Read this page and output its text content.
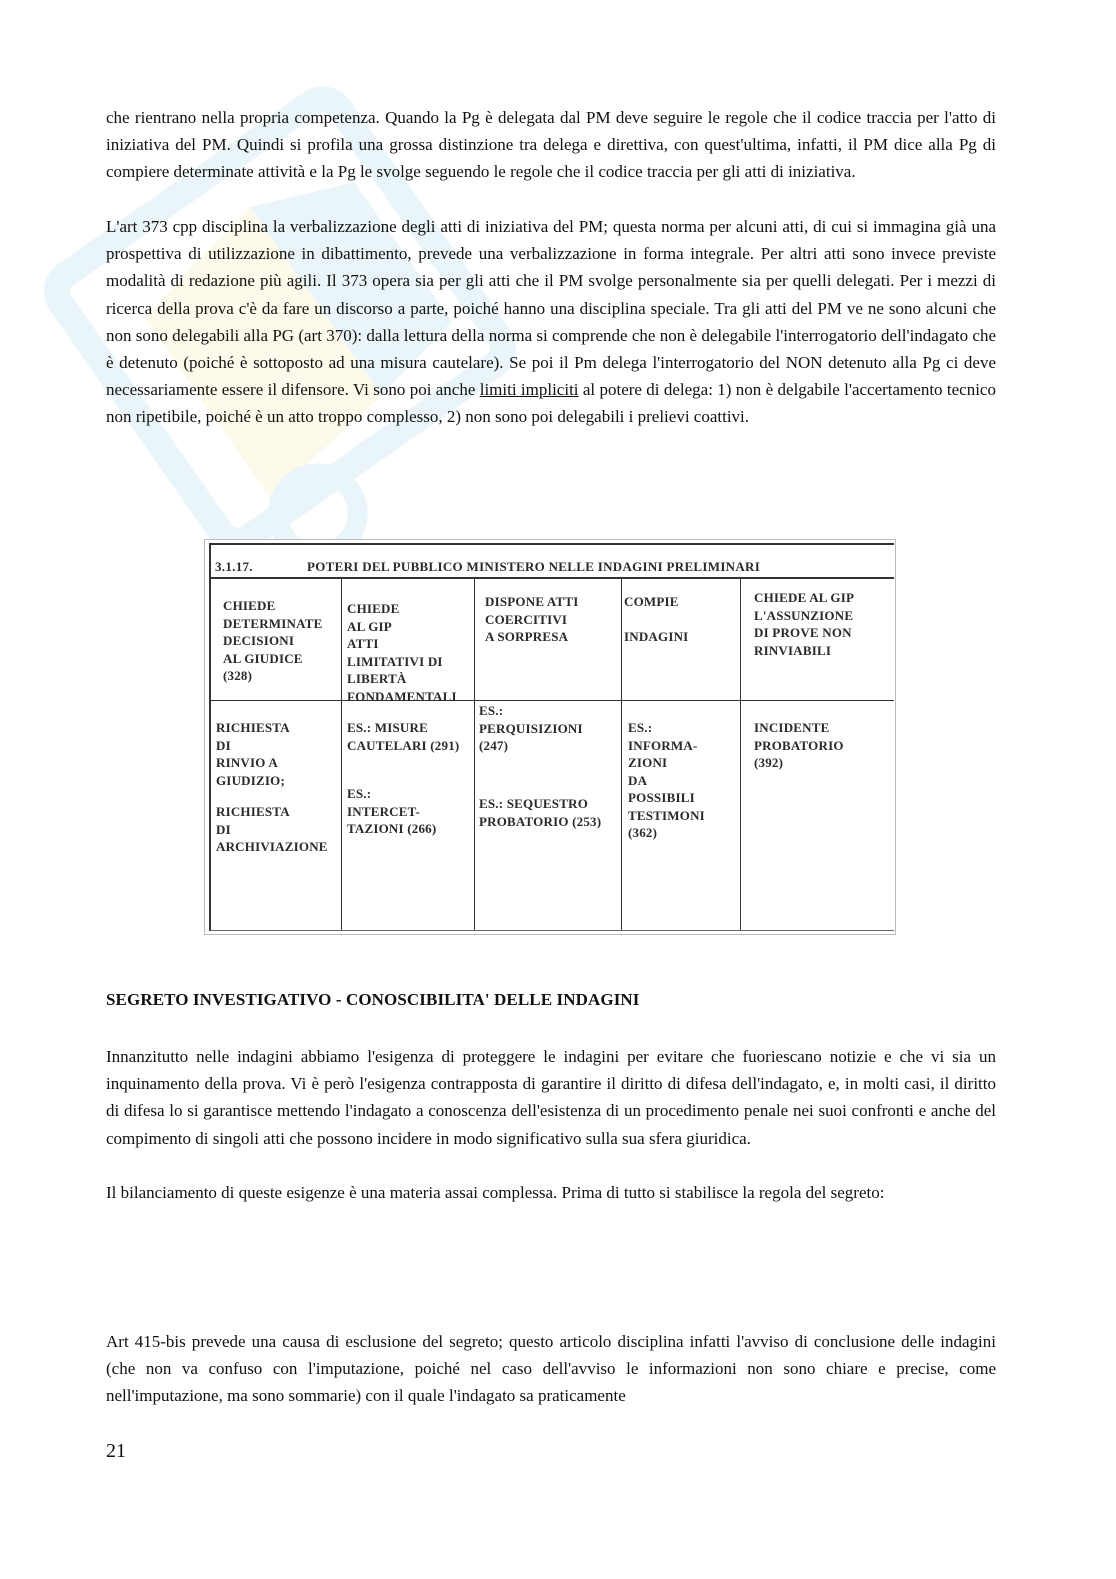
che rientrano nella propria competenza. Quando la Pg è delegata dal PM deve seguire le regole che il codice traccia per l'atto di iniziativa del PM. Quindi si profila una grossa distinzione tra delega e direttiva, con quest'ultima, infatti, il PM dice alla Pg di compiere determinate attività e la Pg le svolge seguendo le regole che il codice traccia per gli atti di iniziativa.

L'art 373 cpp disciplina la verbalizzazione degli atti di iniziativa del PM; questa norma per alcuni atti, di cui si immagina già una prospettiva di utilizzazione in dibattimento, prevede una verbalizzazione in forma integrale. Per altri atti sono invece previste modalità di redazione più agili. Il 373 opera sia per gli atti che il PM svolge personalmente sia per quelli delegati. Per i mezzi di ricerca della prova c'è da fare un discorso a parte, poiché hanno una disciplina speciale. Tra gli atti del PM ve ne sono alcuni che non sono delegabili alla PG (art 370): dalla lettura della norma si comprende che non è delegabile l'interrogatorio dell'indagato che è detenuto (poiché è sottoposto ad una misura cautelare). Se poi il Pm delega l'interrogatorio del NON detenuto alla Pg ci deve necessariamente essere il difensore. Vi sono poi anche limiti impliciti al potere di delega: 1) non è delgabile l'accertamento tecnico non ripetibile, poiché è un atto troppo complesso, 2) non sono poi delegabili i prelievi coattivi.

3.1.17.	POTERI DEL PUBBLICO MINISTERO NELLE INDAGINI PRELIMINARI

CHIEDE
DETERMINATE
DECISIONI
AL GIUDICE
(328)

CHIEDE
AL GIP
ATTI
LIMITATIVI DI
LIBERTÀ
FONDAMENTALI

DISPONE ATTI
COERCITIVI
A SORPRESA

COMPIE

INDAGINI

CHIEDE AL GIP
L'ASSUNZIONE
DI PROVE NON
RINVIABILI

RICHIESTA
DI
RINVIO A
GIUDIZIO;

RICHIESTA
DI
ARCHIVIAZIONE

ES.: MISURE
CAUTELARI (291)

ES.:
INTERCET-
TAZIONI (266)

ES.:
PERQUISIZIONI
(247)

ES.: SEQUESTRO
PROBATORIO (253)

ES.:
INFORMA-
ZIONI
DA
POSSIBILI
TESTIMONI
(362)

INCIDENTE
PROBATORIO
(392)

SEGRETO INVESTIGATIVO - CONOSCIBILITA' DELLE INDAGINI

Innanzitutto nelle indagini abbiamo l'esigenza di proteggere le indagini per evitare che fuoriescano notizie e che vi sia un inquinamento della prova. Vi è però l'esigenza contrapposta di garantire il diritto di difesa dell'indagato, e, in molti casi, il diritto di difesa lo si garantisce mettendo l'indagato a conoscenza dell'esistenza di un procedimento penale nei suoi confronti e anche del compimento di singoli atti che possono incidere in modo significativo sulla sua sfera giuridica.

Il bilanciamento di queste esigenze è una materia assai complessa. Prima di tutto si stabilisce la regola del segreto:

Art 415-bis prevede una causa di esclusione del segreto; questo articolo disciplina infatti l'avviso di conclusione delle indagini (che non va confuso con l'imputazione, poiché nel caso dell'avviso le informazioni non sono chiare e precise, come nell'imputazione, ma sono sommarie) con il quale l'indagato sa praticamente

21
